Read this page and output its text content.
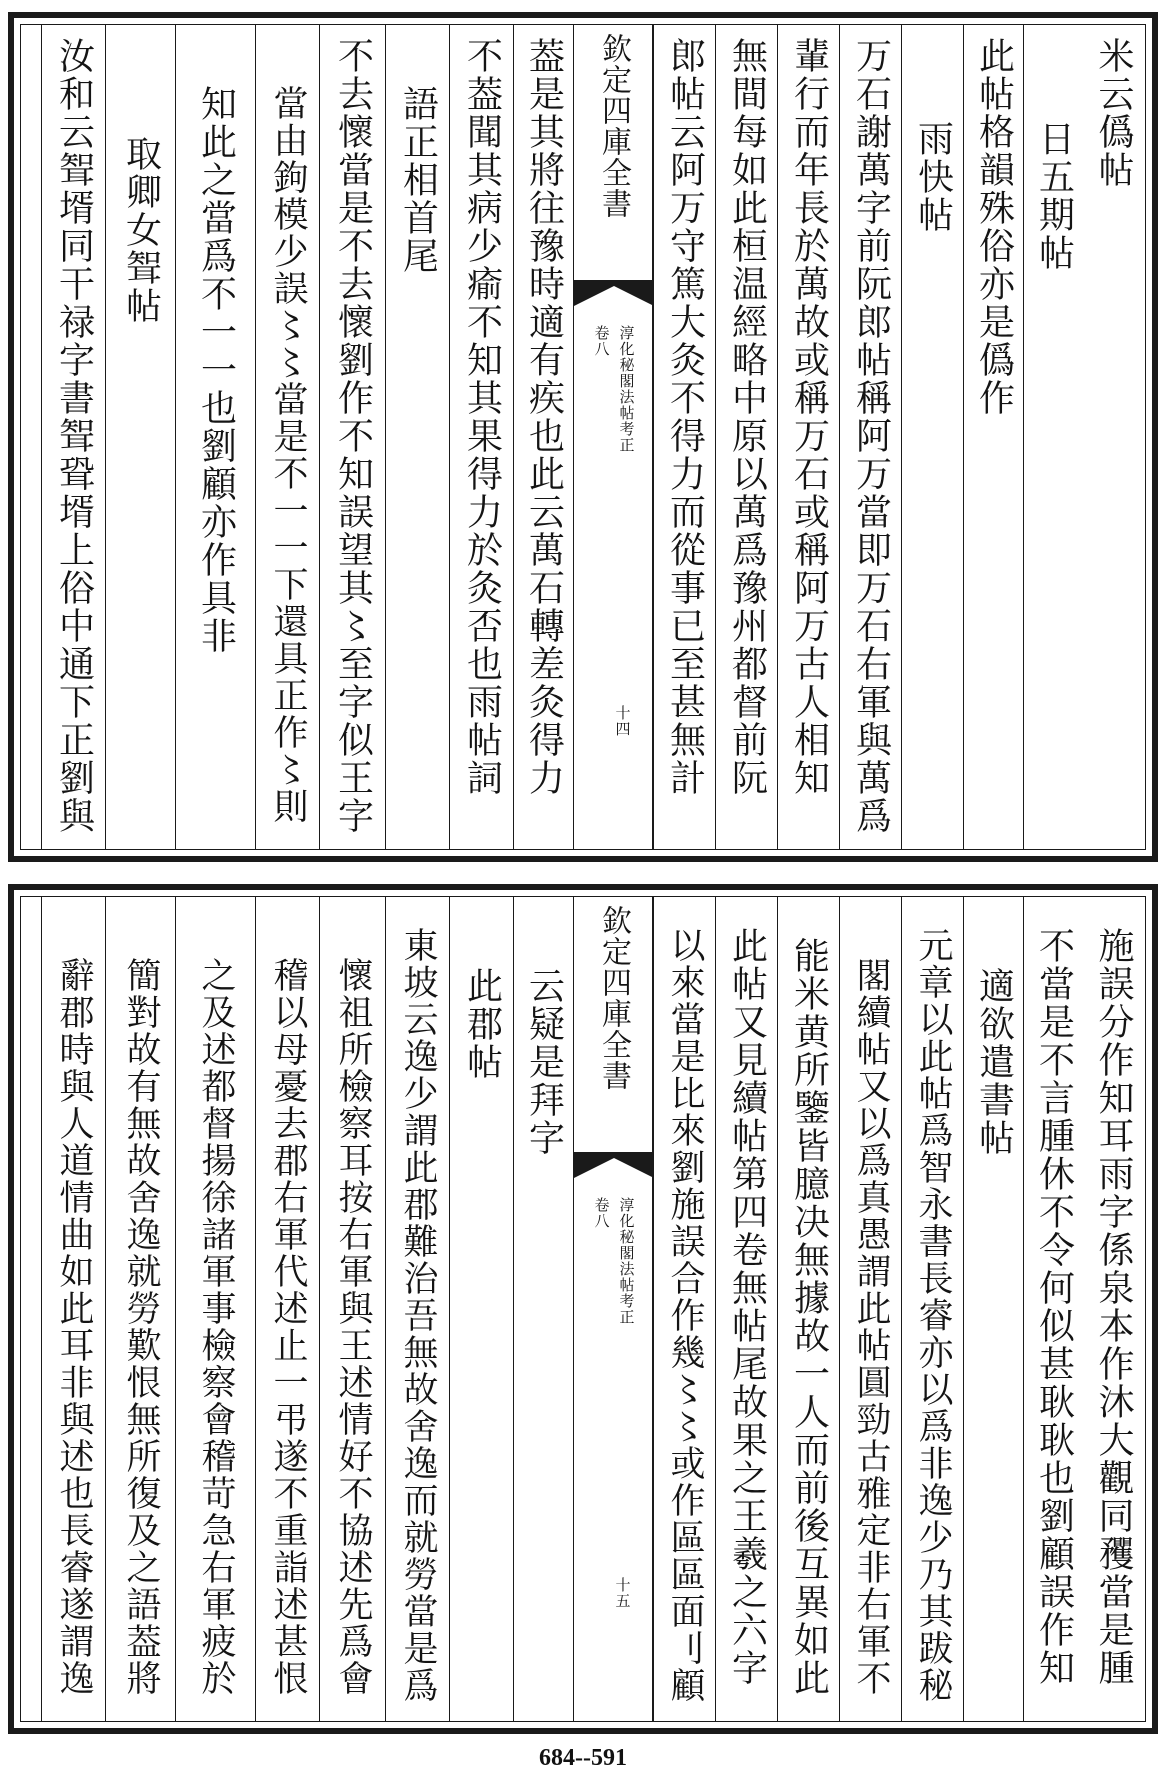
米云僞帖
日五期帖
此帖格韻殊俗亦是僞作
雨快帖
万石謝萬字前阮郎帖稱阿万當即万石右軍與萬爲
輩行而年長於萬故或稱万石或稱阿万古人相知
無間每如此桓温經略中原以萬爲豫州都督前阮
郎帖云阿万守篤大灸不得力而從事已至甚無計
欽定四庫全書
淳化秘閣法帖考正
卷八
十四
葢是其將往豫時適有疾也此云萬石轉差灸得力
不葢聞其病少瘉不知其果得力於灸否也雨帖詞
語正相首尾
不去懷當是不去懷劉作不知誤望其〻至字似王字
當由鉤模少誤〻〻當是不一一下還具正作〻則
知此之當爲不一一也劉顧亦作具非
取卿女聟帖
汝和云聟壻同干禄字書聟聓壻上俗中通下正劉與
施誤分作知耳雨字係泉本作沐大觀同矡當是腫
不當是不言腫休不令何似甚耿耿也劉顧誤作知
適欲遣書帖
元章以此帖爲智永書長睿亦以爲非逸少乃其跋秘
閣續帖又以爲真愚謂此帖圓勁古雅定非右軍不
能米黄所鑒皆臆决無據故一人而前後互異如此
此帖又見續帖第四卷無帖尾故果之王羲之六字
以來當是比來劉施誤合作幾〻〻或作區區面刂顧
欽定四庫全書
淳化秘閣法帖考正
卷八
十五
云疑是拜字
此郡帖
東坡云逸少謂此郡難治吾無故舍逸而就勞當是爲
懷祖所檢察耳按右軍與王述情好不協述先爲會
稽以母憂去郡右軍代述止一弔遂不重詣述甚恨
之及述都督揚徐諸軍事檢察會稽苛急右軍疲於
簡對故有無故舍逸就勞歎恨無所復及之語葢將
辭郡時與人道情曲如此耳非與述也長睿遂謂逸
684--591
